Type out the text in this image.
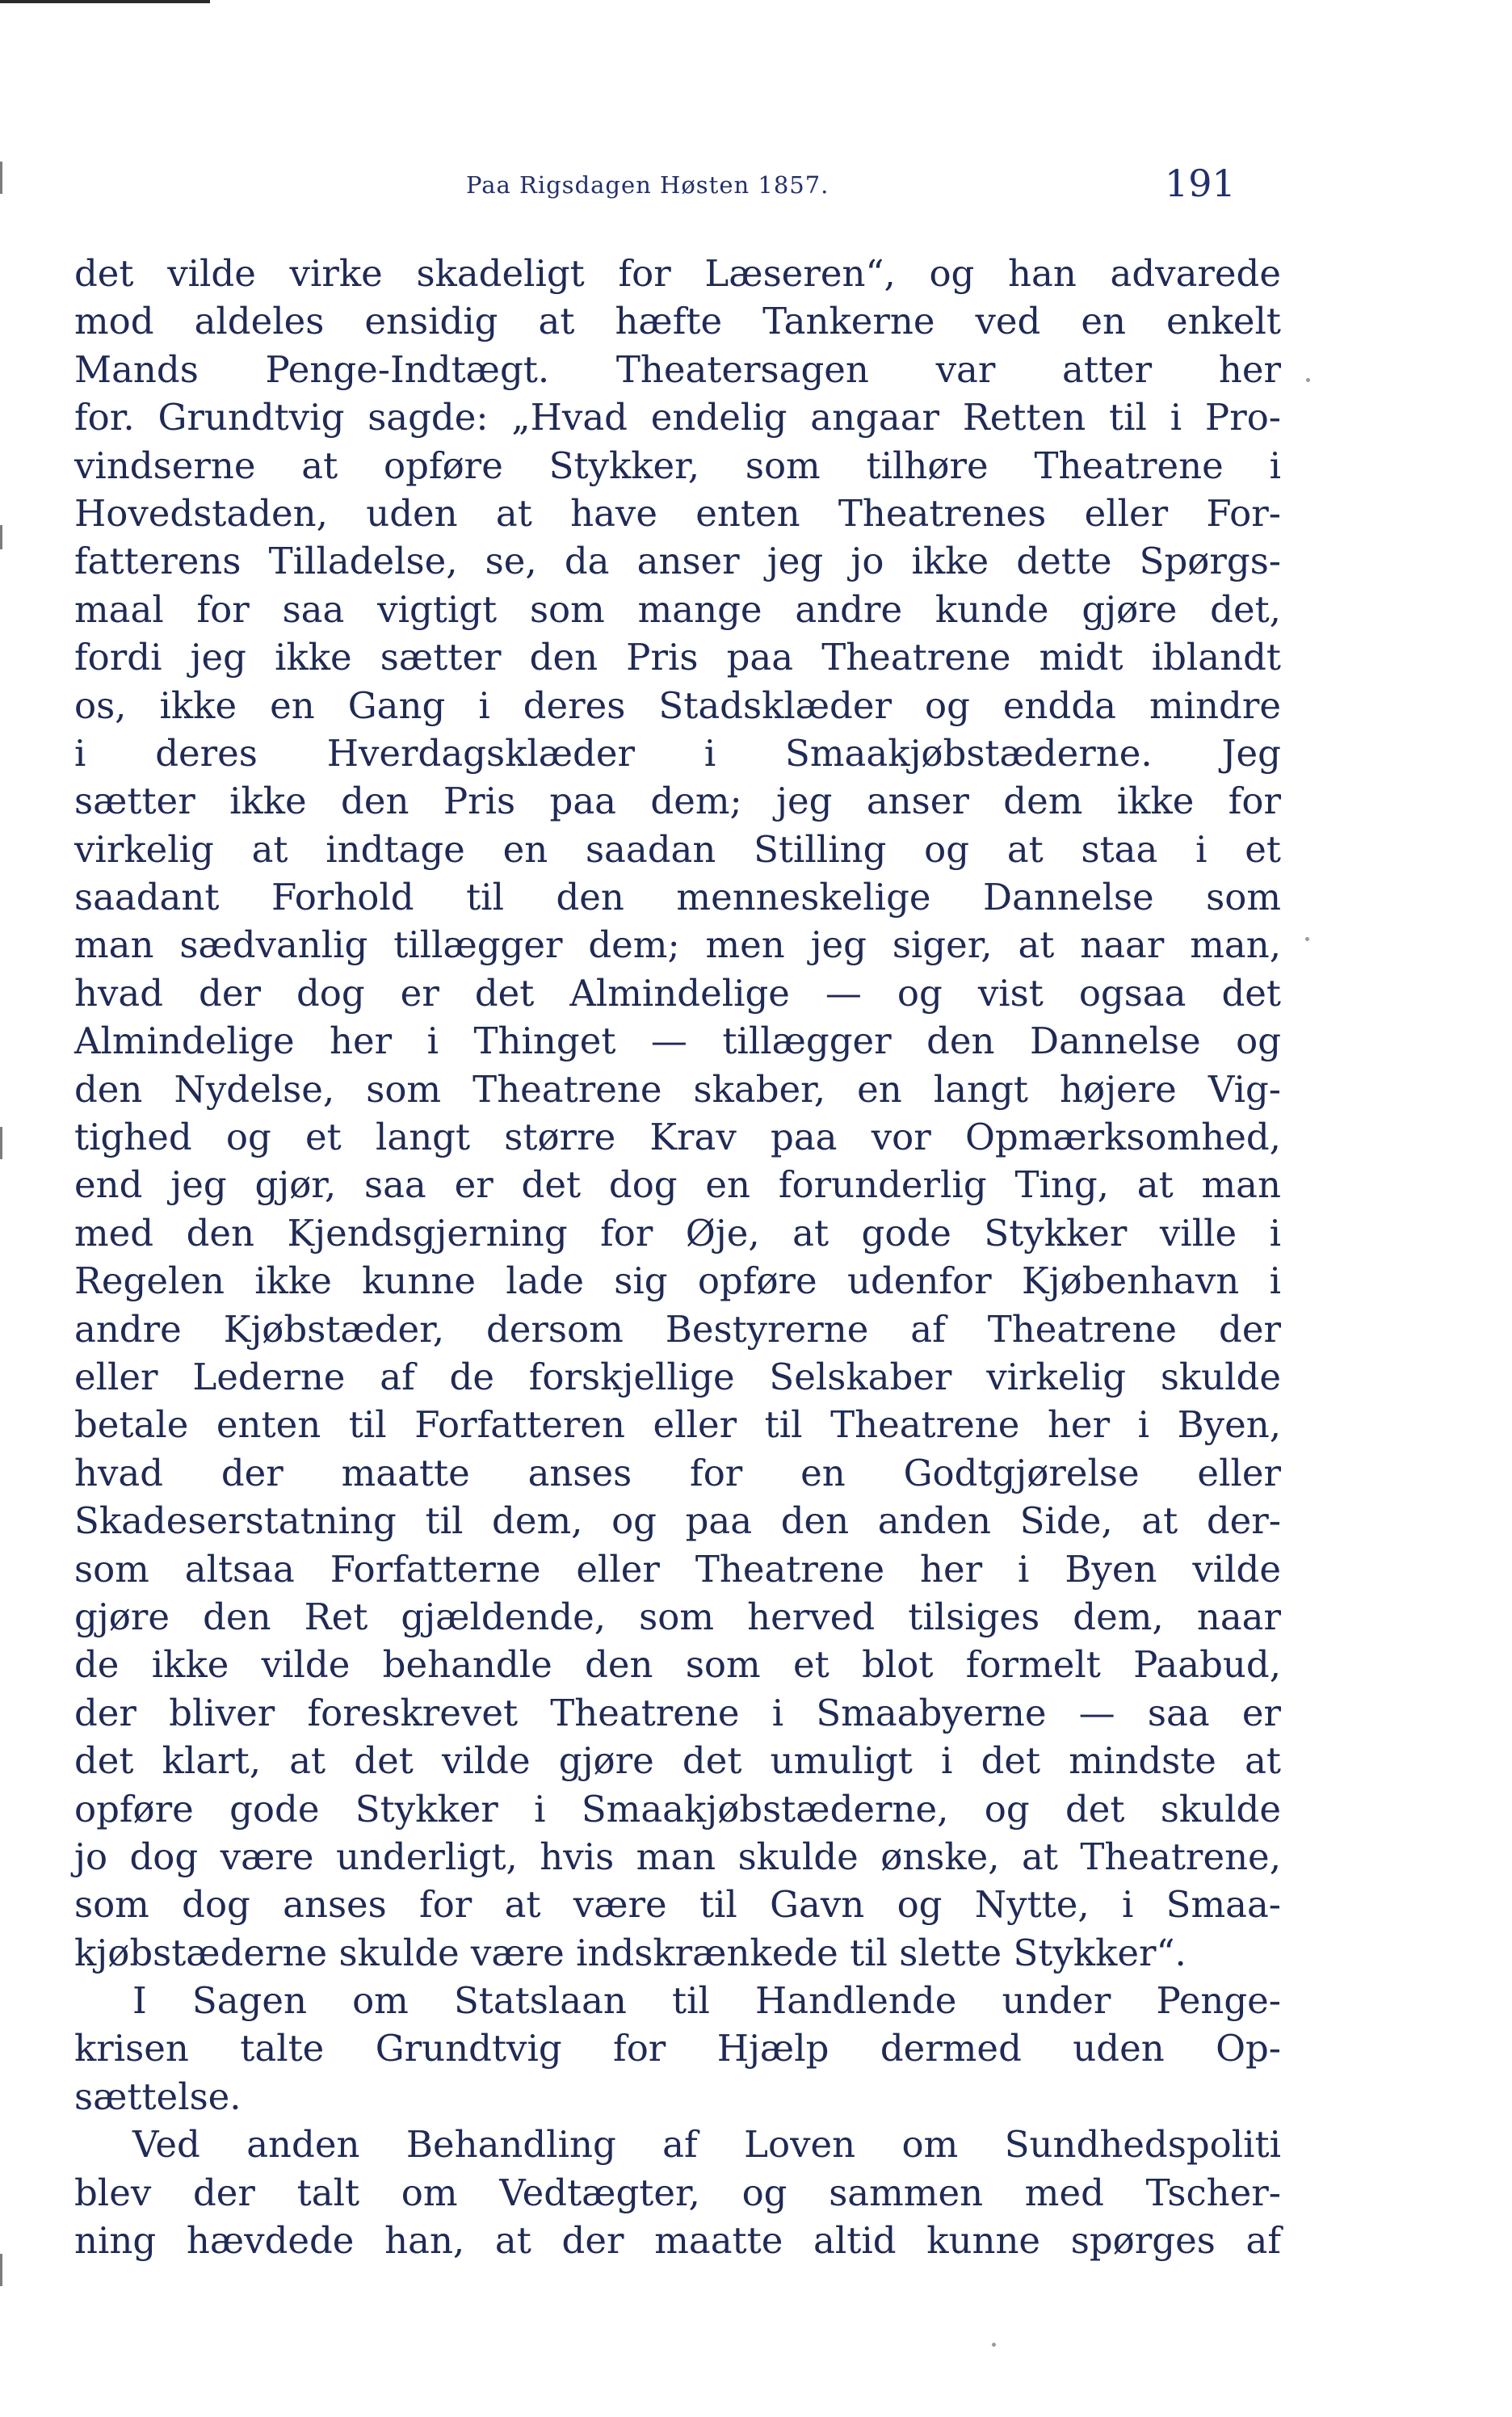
Paa Rigsdagen Høsten 1857.	191
det vilde virke skadeligt for Læseren“, og han advarede
mod aldeles ensidig at hæfte Tankerne ved en enkelt
Mands Penge-Indtægt. Theatersagen var atter her
for. Grundtvig sagde: „Hvad endelig angaar Retten til i Pro-
vindserne at opføre Stykker, som tilhøre Theatrene i
Hovedstaden, uden at have enten Theatrenes eller For-
fatterens Tilladelse, se, da anser jeg jo ikke dette Spørgs-
maal for saa vigtigt som mange andre kunde gjøre det,
fordi jeg ikke sætter den Pris paa Theatrene midt iblandt
os, ikke en Gang i deres Stadsklæder og endda mindre
i deres Hverdagsklæder i Smaakjøbstæderne. Jeg
sætter ikke den Pris paa dem; jeg anser dem ikke for
virkelig at indtage en saadan Stilling og at staa i et
saadant Forhold til den menneskelige Dannelse som
man sædvanlig tillægger dem; men jeg siger, at naar man,
hvad der dog er det Almindelige — og vist ogsaa det
Almindelige her i Thinget — tillægger den Dannelse og
den Nydelse, som Theatrene skaber, en langt højere Vig-
tighed og et langt større Krav paa vor Opmærksomhed,
end jeg gjør, saa er det dog en forunderlig Ting, at man
med den Kjendsgjerning for Øje, at gode Stykker ville i
Regelen ikke kunne lade sig opføre udenfor Kjøbenhavn i
andre Kjøbstæder, dersom Bestyrerne af Theatrene der
eller Lederne af de forskjellige Selskaber virkelig skulde
betale enten til Forfatteren eller til Theatrene her i Byen,
hvad der maatte anses for en Godtgjørelse eller
Skadeserstatning til dem, og paa den anden Side, at der-
som altsaa Forfatterne eller Theatrene her i Byen vilde
gjøre den Ret gjældende, som herved tilsiges dem, naar
de ikke vilde behandle den som et blot formelt Paabud,
der bliver foreskrevet Theatrene i Smaabyerne — saa er
det klart, at det vilde gjøre det umuligt i det mindste at
opføre gode Stykker i Smaakjøbstæderne, og det skulde
jo dog være underligt, hvis man skulde ønske, at Theatrene,
som dog anses for at være til Gavn og Nytte, i Smaa-
kjøbstæderne skulde være indskrænkede til slette Stykker“.
I Sagen om Statslaan til Handlende under Penge-
krisen talte Grundtvig for Hjælp dermed uden Op-
sættelse.
Ved anden Behandling af Loven om Sundhedspoliti
blev der talt om Vedtægter, og sammen med Tscher-
ning hævdede han, at der maatte altid kunne spørges af
